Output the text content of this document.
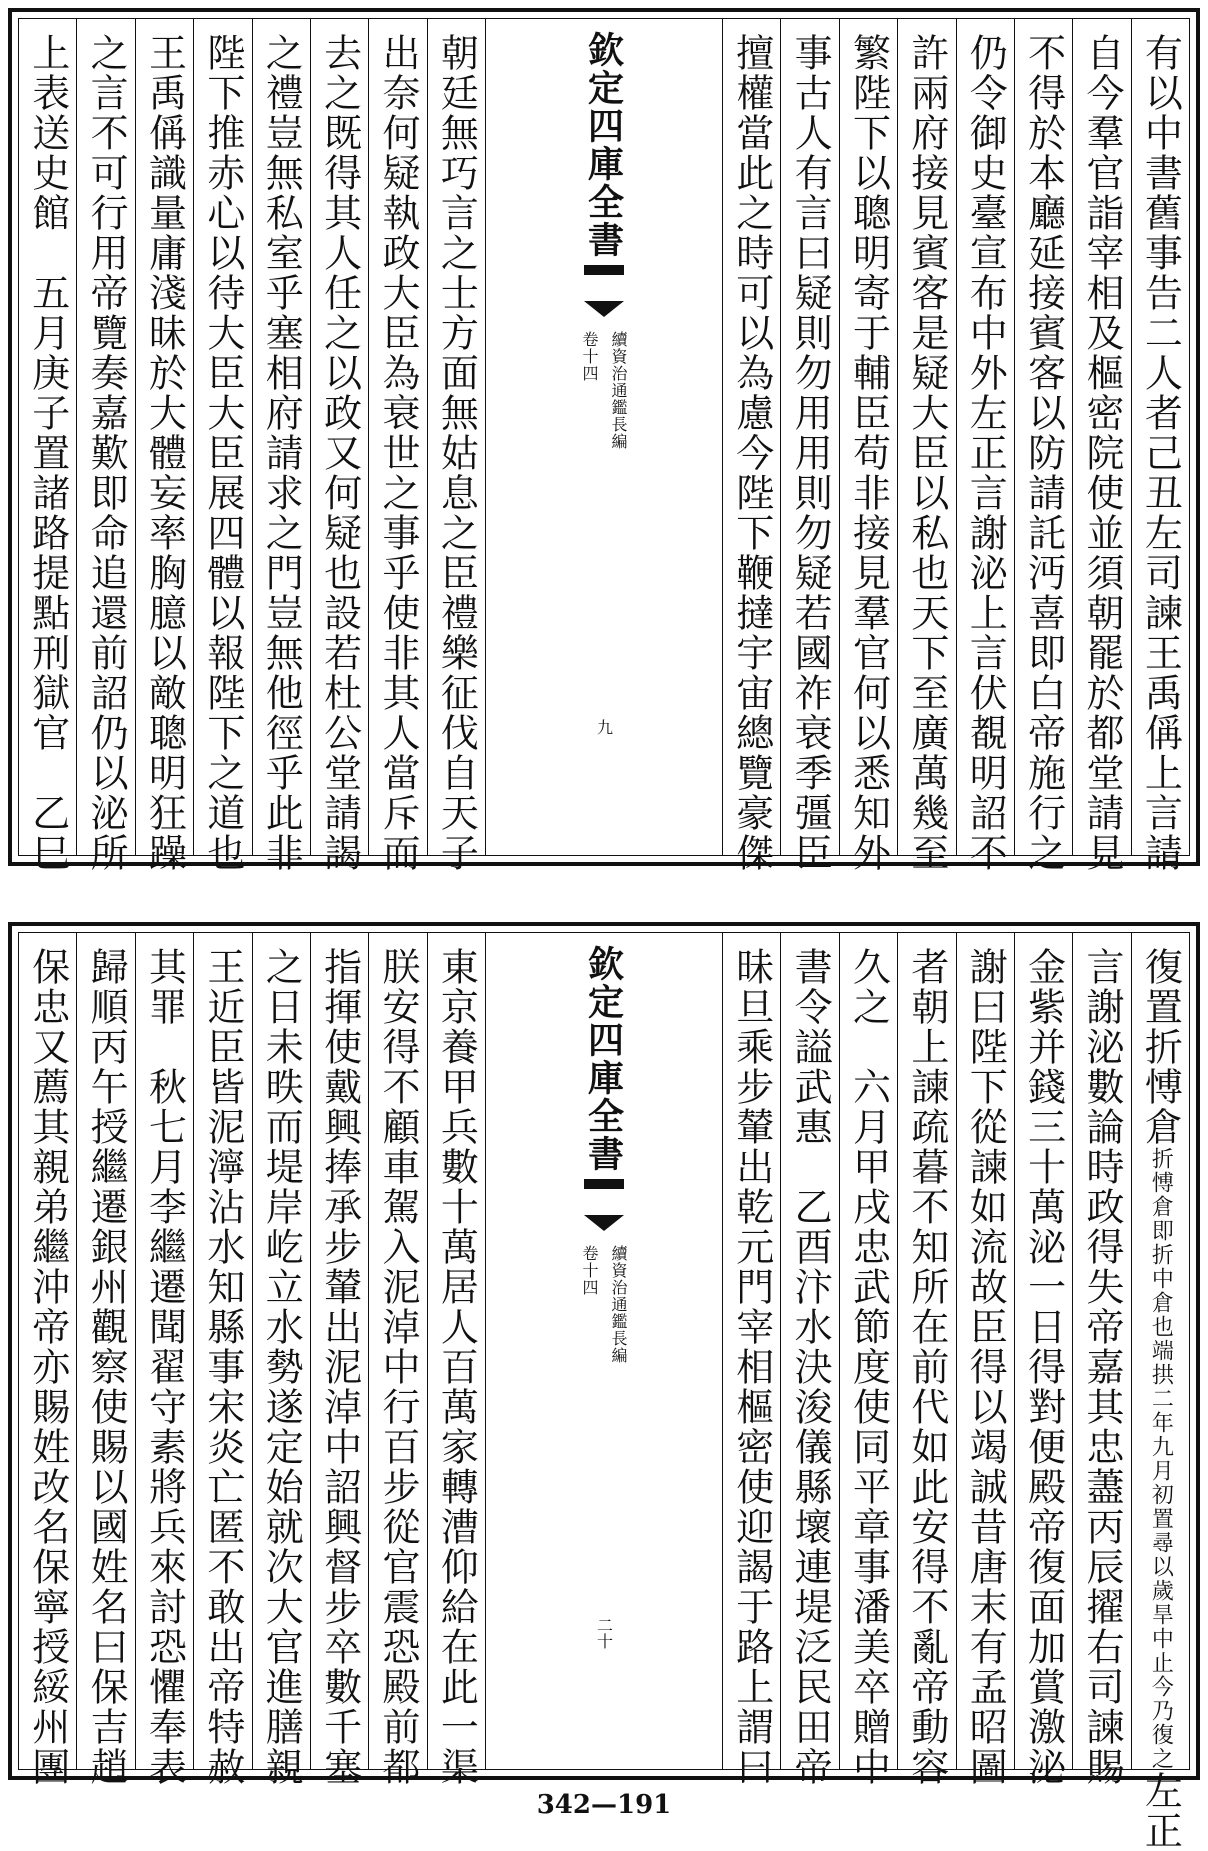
有以中書舊事告二人者己丑左司諫王禹偁上言請
自今羣官詣宰相及樞密院使並須朝罷於都堂請見
不得於本廳延接賓客以防請託沔喜即白帝施行之
仍令御史臺宣布中外左正言謝泌上言伏覩明詔不
許兩府接見賓客是疑大臣以私也天下至廣萬幾至
繁陛下以聰明寄于輔臣苟非接見羣官何以悉知外
事古人有言曰疑則勿用用則勿疑若國祚衰季彊臣
擅權當此之時可以為慮今陛下鞭撻宇宙總覽豪傑
欽定四庫全書
續資治通鑑長編
卷十四
九
朝廷無巧言之士方面無姑息之臣禮樂征伐自天子
出奈何疑執政大臣為衰世之事乎使非其人當斥而
去之既得其人任之以政又何疑也設若杜公堂請謁
之禮豈無私室乎塞相府請求之門豈無他徑乎此非
陛下推赤心以待大臣大臣展四體以報陛下之道也
王禹偁識量庸淺昧於大體妄率胸臆以敵聰明狂躁
之言不可行用帝覽奏嘉歎即命追還前詔仍以泌所
上表送史館　五月庚子置諸路提點刑獄官　乙巳
復置折愽倉折愽倉即折中倉也端拱二年九月初置尋以歲旱中止今乃復之左正
言謝泌數論時政得失帝嘉其忠藎丙辰擢右司諫賜
金紫并錢三十萬泌一日得對便殿帝復面加賞激泌
謝曰陛下從諫如流故臣得以竭誠昔唐末有孟昭圖
者朝上諫疏暮不知所在前代如此安得不亂帝動容
久之　六月甲戌忠武節度使同平章事潘美卒贈中
書令謚武惠　乙酉汴水決浚儀縣壞連堤泛民田帝
昧旦乘步輦出乾元門宰相樞密使迎謁于路上謂曰
欽定四庫全書
續資治通鑑長編
卷十四
二十
東京養甲兵數十萬居人百萬家轉漕仰給在此一渠
朕安得不顧車駕入泥淖中行百步從官震恐殿前都
指揮使戴興捧承步輦出泥淖中詔興督步卒數千塞
之日未昳而堤岸屹立水勢遂定始就次大官進膳親
王近臣皆泥濘沾水知縣事宋炎亡匿不敢出帝特赦
其罪　秋七月李繼遷聞翟守素將兵來討恐懼奉表
歸順丙午授繼遷銀州觀察使賜以國姓名曰保吉趙
保忠又薦其親弟繼沖帝亦賜姓改名保寧授綏州團
342—191
